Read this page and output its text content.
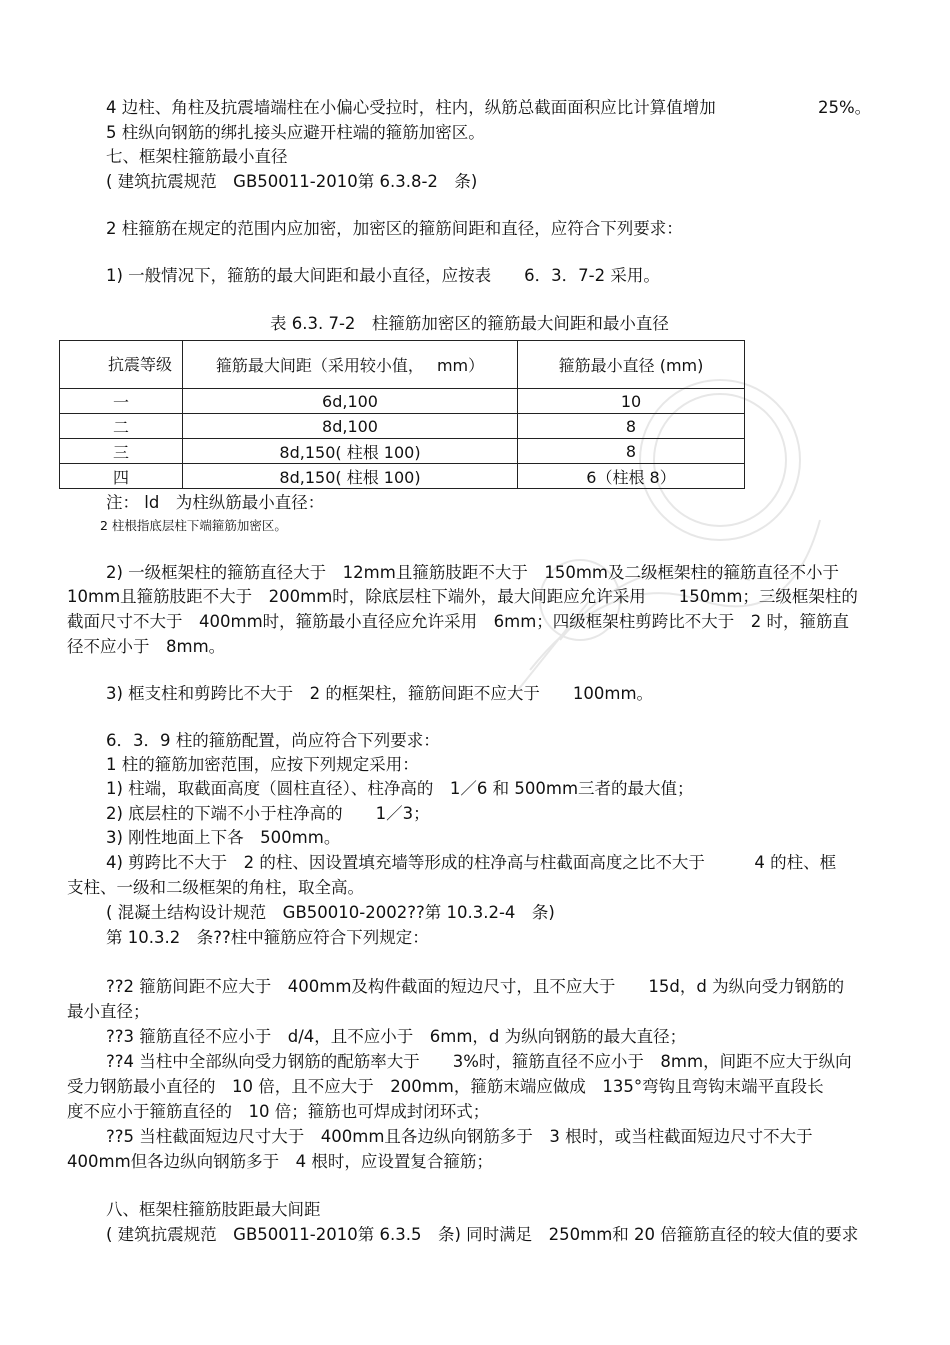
4 边柱、角柱及抗震墙端柱在小偏心受拉时，柱内，纵筋总截面面积应比计算值增加	25%。
5 柱纵向钢筋的绑扎接头应避开柱端的箍筋加密区。
七、框架柱箍筋最小直径
( 建筑抗震规范　GB50011-2010第 6.3.8-2　条)
2 柱箍筋在规定的范围内应加密，加密区的箍筋间距和直径，应符合下列要求：
1) 一般情况下，箍筋的最大间距和最小直径，应按表　　6．3．7-2 采用。
表 6.3. 7-2　柱箍筋加密区的箍筋最大间距和最小直径
抗震等级	箍筋最大间距（采用较小值，　 mm）	箍筋最小直径 (mm)
一	6d,100	10
二	8d,100	8
三	8d,150( 柱根 100)	8
四	8d,150( 柱根 100)	6（柱根 8）
注： ld　为柱纵筋最小直径：
2 柱根指底层柱下端箍筋加密区。
2) 一级框架柱的箍筋直径大于　12mm且箍筋肢距不大于　150mm及二级框架柱的箍筋直径不小于
10mm且箍筋肢距不大于　200mm时，除底层柱下端外，最大间距应允许采用　　150mm；三级框架柱的
截面尺寸不大于　400mm时，箍筋最小直径应允许采用　6mm；四级框架柱剪跨比不大于　2 时，箍筋直
径不应小于　8mm。
3) 框支柱和剪跨比不大于　2 的框架柱，箍筋间距不应大于　　100mm。
6．3．9 柱的箍筋配置，尚应符合下列要求：
1 柱的箍筋加密范围，应按下列规定采用：
1) 柱端，取截面高度（圆柱直径）、柱净高的　1／6 和 500mm三者的最大值；
2) 底层柱的下端不小于柱净高的　　1／3；
3) 刚性地面上下各　500mm。
4) 剪跨比不大于　2 的柱、因设置填充墙等形成的柱净高与柱截面高度之比不大于　　　4 的柱、框
支柱、一级和二级框架的角柱，取全高。
( 混凝土结构设计规范　GB50010-2002??第 10.3.2-4　条)
第 10.3.2　条??柱中箍筋应符合下列规定：
??2 箍筋间距不应大于　400mm及构件截面的短边尺寸，且不应大于　　15d，d 为纵向受力钢筋的
最小直径；
??3 箍筋直径不应小于　d/4，且不应小于　6mm，d 为纵向钢筋的最大直径；
??4 当柱中全部纵向受力钢筋的配筋率大于　　3%时，箍筋直径不应小于　8mm，间距不应大于纵向
受力钢筋最小直径的　10 倍，且不应大于　200mm，箍筋末端应做成　135°弯钩且弯钩末端平直段长
度不应小于箍筋直径的　10 倍；箍筋也可焊成封闭环式；
??5 当柱截面短边尺寸大于　400mm且各边纵向钢筋多于　3 根时，或当柱截面短边尺寸不大于
400mm但各边纵向钢筋多于　4 根时，应设置复合箍筋；
八、框架柱箍筋肢距最大间距
( 建筑抗震规范　GB50011-2010第 6.3.5　条) 同时满足　250mm和 20 倍箍筋直径的较大值的要求
